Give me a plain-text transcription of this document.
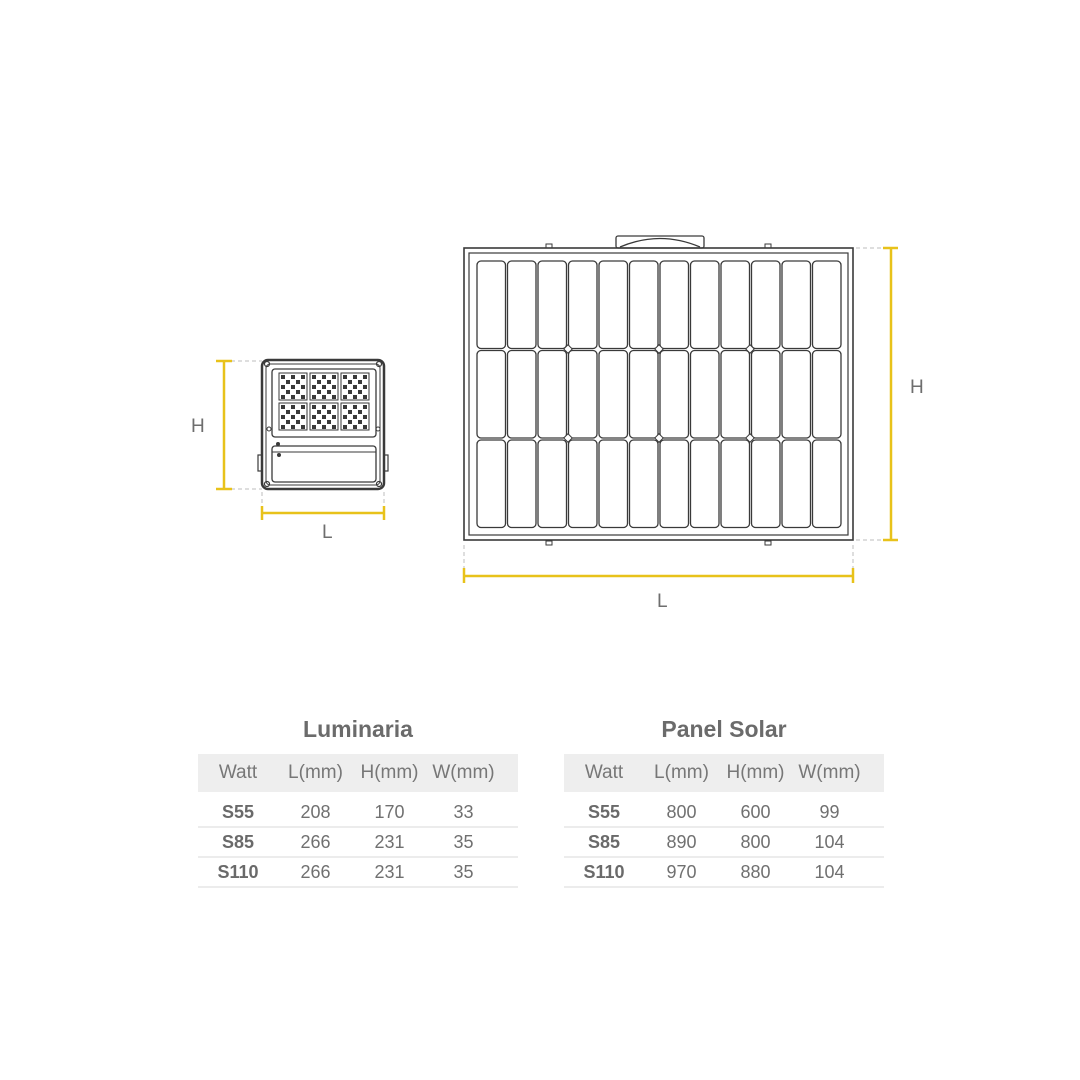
H
L
H
L
Luminaria
Watt	L(mm) H(mm) W(mm)
S55	208	170	33
S85	266	231	35
S110	266	231	35
Panel Solar
Watt	L(mm) H(mm) W(mm)
S55	800	600	99
S85	890	800	104
S110	970	880	104
